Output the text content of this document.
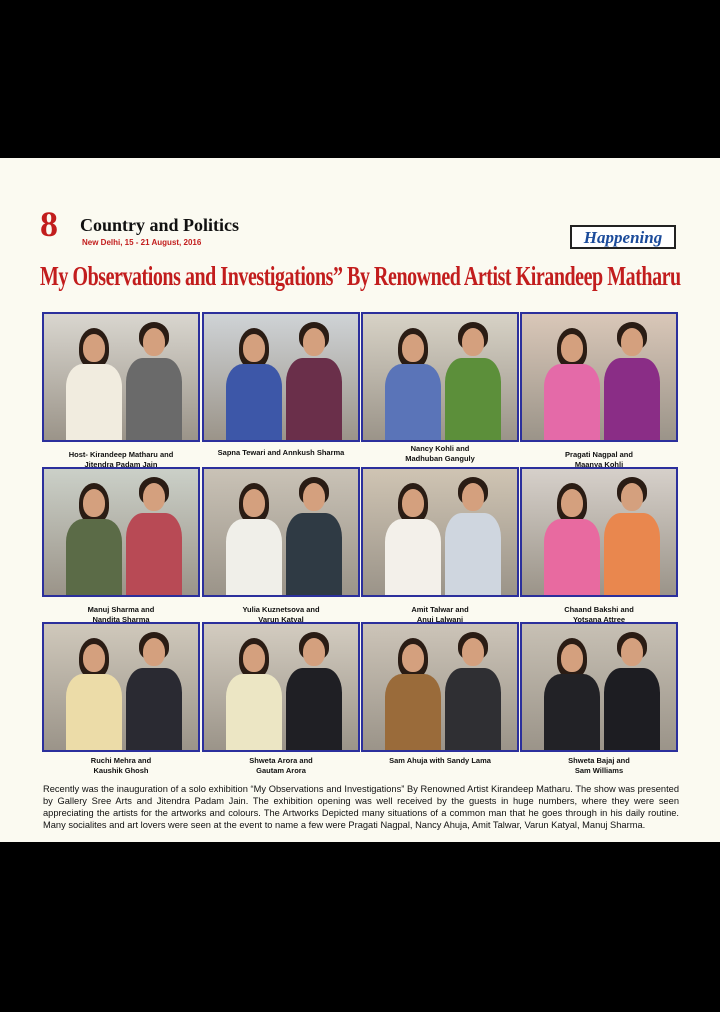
8 Country and Politics
New Delhi, 15 - 21 August, 2016	Happening
My Observations and Investigations” By Renowned Artist Kirandeep Matharu
Host- Kirandeep Matharu and
Jitendra Padam Jain
Sapna Tewari and Annkush Sharma	Nancy Kohli and
Madhuban Ganguly	Pragati Nagpal and
Maanya Kohli
Manuj Sharma and
Nandita Sharma
Yulia Kuznetsova and
Varun Katyal
Amit Talwar and
Anuj Lalwani
Chaand Bakshi and
Yotsana Attree
Ruchi Mehra and
Kaushik Ghosh
Shweta Arora and
Gautam Arora
Sam Ahuja with Sandy Lama	Shweta Bajaj and
Sam Williams
Recently was the inauguration of a solo exhibition “My Observations and Investigations” By Renowned Artist Kirandeep Matharu. The show was presented by Gallery Sree Arts and Jitendra Padam Jain. The exhibition opening was well received by the guests in huge numbers, where they were seen appreciating the artists for the artworks and colours. The Artworks Depicted many situations of a common man that he goes through in his daily routine. Many socialites and art lovers were seen at the event to name a few were Pragati Nagpal, Nancy Ahuja, Amit Talwar, Varun Katyal, Manuj Sharma.
